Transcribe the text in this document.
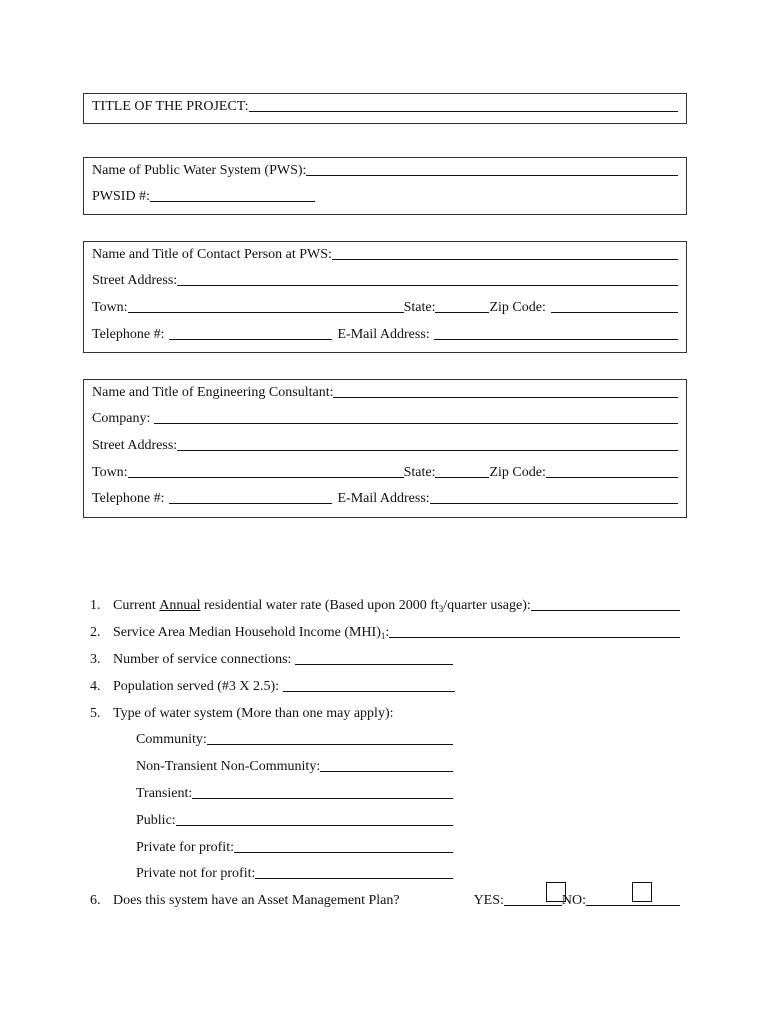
TITLE OF THE PROJECT:
Name of Public Water System (PWS):
PWSID #:
Name and Title of Contact Person at PWS:
Street Address:
Town:	State:	Zip Code:
Telephone #:	E-Mail Address:
Name and Title of Engineering Consultant:
Company:
Street Address:
Town:	State:	Zip Code:
Telephone #:	E-Mail Address:
1. Current Annual residential water rate (Based upon 2000 ft 3 /quarter usage):
2. Service Area Median Household Income $(MHI)_1$ :
3. Number of service connections:
4. Population served (#3 X 2.5):
5. Type of water system (More than one may apply):
Community:
Non-Transient Non-Community:
Transient:
Public:
Private for profit:
Private not for profit:
6. Does this system have an Asset Management Plan?	YES:	NO:
